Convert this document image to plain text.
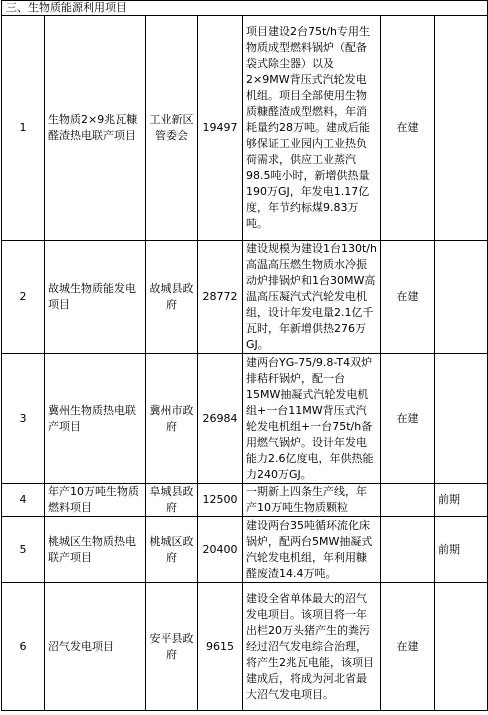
三、生物质能源利用项目						
1	生物质2×9兆瓦糠醛渣热电联产项目	工业新区管委会	19497	项目建设2台75t/h专用生物质成型燃料锅炉（配备袋式除尘器）以及2×9MW背压式汽轮发电机组。项目全部使用生物质糠醛渣成型燃料，年消耗量约28万吨。建成后能够保证工业园内工业热负荷需求，供应工业蒸汽98.5吨小时，新增供热量190万GJ，年发电1.17亿度，年节约标煤9.83万吨。	在建	
2	故城生物质能发电项目	故城县政府	28772	建设规模为建设1台130t/h高温高压燃生物质水冷振动炉排锅炉和1台30MW高温高压凝汽式汽轮发电机组，设计年发电量2.1亿千瓦时，年新增供热276万GJ。	在建	
3	冀州生物质热电联产项目	冀州市政府	26984	建两台YG-75/9.8-T4双炉排秸秆锅炉，配一台15MW抽凝式汽轮发电机组+一台11MW背压式汽轮发电机组+一台75t/h备用燃气锅炉。设计年发电能力2.6亿度电，年供热能力240万GJ。	在建	
4	年产10万吨生物质燃料项目	阜城县政府	12500	一期新上四条生产线，年产10万吨生物质颗粒		前期
5	桃城区生物质热电联产项目	桃城区政府	20400	建设两台35吨循环流化床锅炉，配两台5MW抽凝式汽轮发电机组，年利用糠醛废渣14.4万吨。		前期
6	沼气发电项目	安平县政府	9615	建设全省单体最大的沼气发电项目。该项目将一年出栏20万头猪产生的粪污经过沼气发电综合治理，将产生2兆瓦电能，该项目建成后，将成为河北省最大沼气发电项目。	在建	
